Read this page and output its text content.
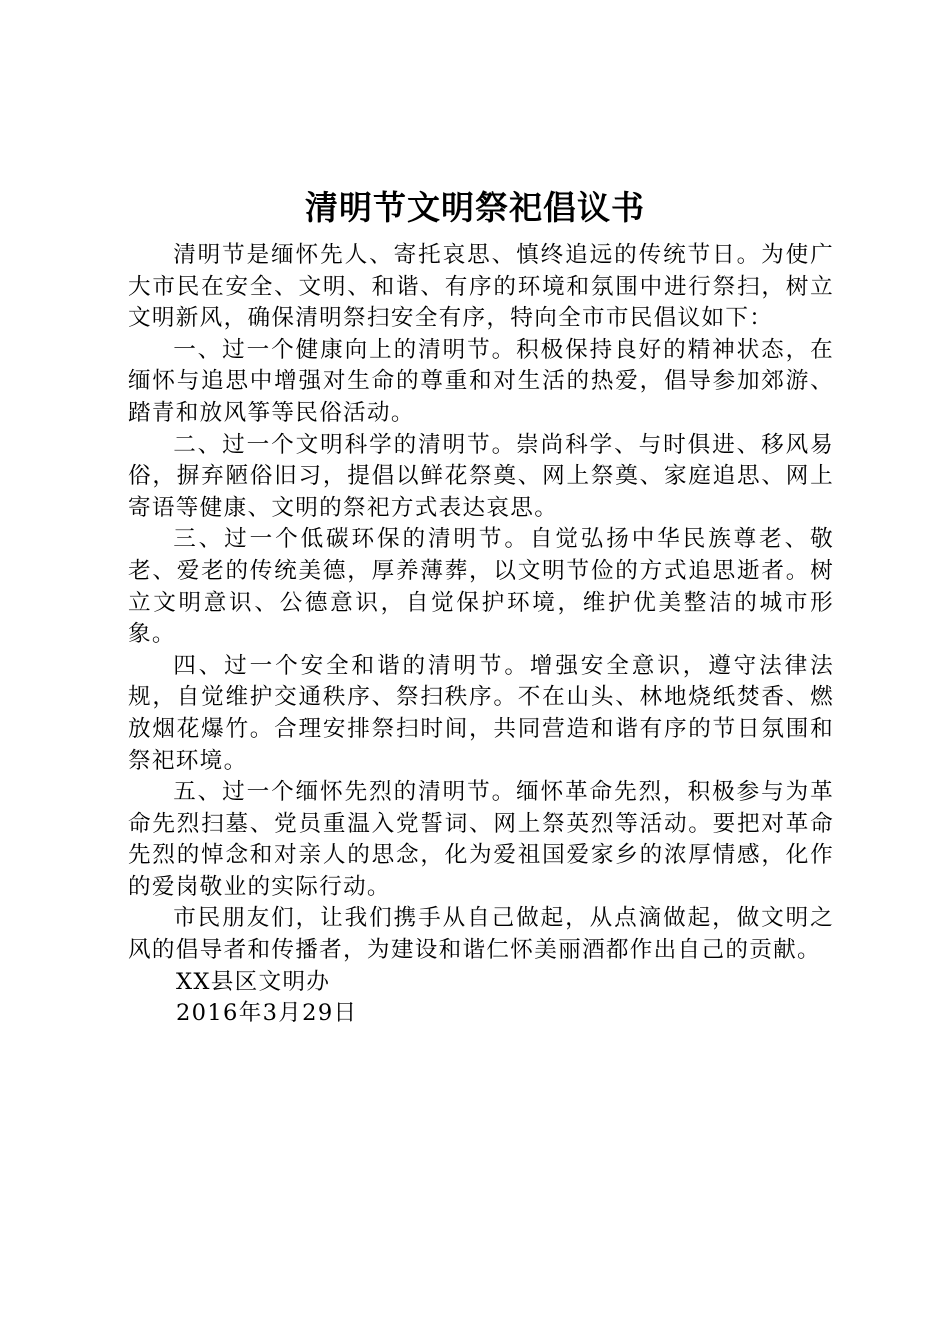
清明节文明祭祀倡议书

清明节是缅怀先人、寄托哀思、慎终追远的传统节日。为使广大市民在安全、文明、和谐、有序的环境和氛围中进行祭扫，树立文明新风，确保清明祭扫安全有序，特向全市市民倡议如下：

一、过一个健康向上的清明节。积极保持良好的精神状态，在缅怀与追思中增强对生命的尊重和对生活的热爱，倡导参加郊游、踏青和放风筝等民俗活动。

二、过一个文明科学的清明节。崇尚科学、与时俱进、移风易俗，摒弃陋俗旧习，提倡以鲜花祭奠、网上祭奠、家庭追思、网上寄语等健康、文明的祭祀方式表达哀思。

三、过一个低碳环保的清明节。自觉弘扬中华民族尊老、敬老、爱老的传统美德，厚养薄葬，以文明节俭的方式追思逝者。树立文明意识、公德意识，自觉保护环境，维护优美整洁的城市形象。

四、过一个安全和谐的清明节。增强安全意识，遵守法律法规，自觉维护交通秩序、祭扫秩序。不在山头、林地烧纸焚香、燃放烟花爆竹。合理安排祭扫时间，共同营造和谐有序的节日氛围和祭祀环境。

五、过一个缅怀先烈的清明节。缅怀革命先烈，积极参与为革命先烈扫墓、党员重温入党誓词、网上祭英烈等活动。要把对革命先烈的悼念和对亲人的思念，化为爱祖国爱家乡的浓厚情感，化作的爱岗敬业的实际行动。

市民朋友们，让我们携手从自己做起，从点滴做起，做文明之风的倡导者和传播者，为建设和谐仁怀美丽酒都作出自己的贡献。

XX县区文明办
2016年3月29日
